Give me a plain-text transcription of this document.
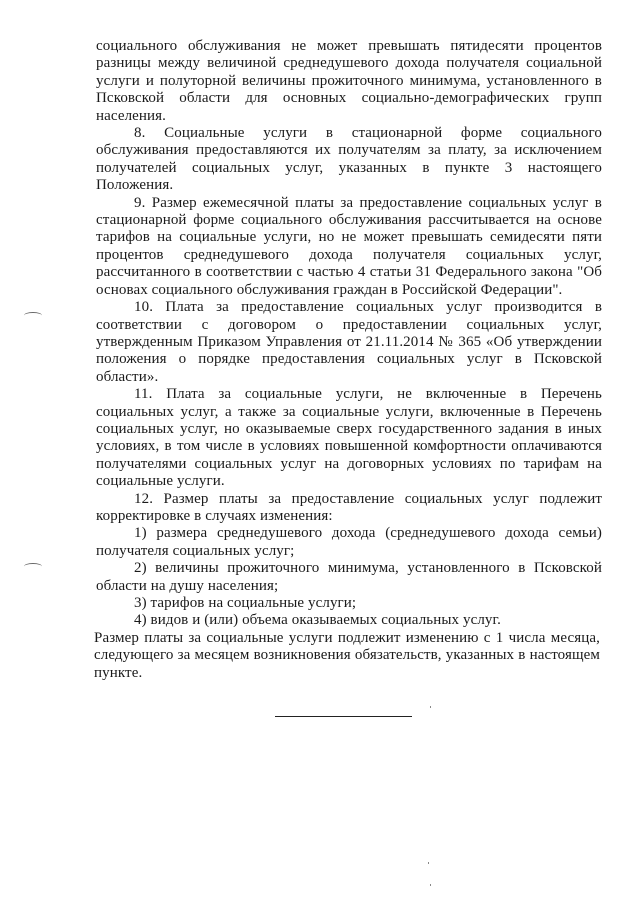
социального обслуживания не может превышать пятидесяти процентов разницы между величиной среднедушевого дохода получателя социальной услуги и полуторной величины прожиточного минимума, установленного в Псковской области для основных социально-демографических групп населения.

8. Социальные услуги в стационарной форме социального обслуживания предоставляются их получателям за плату, за исключением получателей социальных услуг, указанных в пункте 3 настоящего Положения.

9. Размер ежемесячной платы за предоставление социальных услуг в стационарной форме социального обслуживания рассчитывается на основе тарифов на социальные услуги, но не может превышать семидесяти пяти процентов среднедушевого дохода получателя социальных услуг, рассчитанного в соответствии с частью 4 статьи 31 Федерального закона "Об основах социального обслуживания граждан в Российской Федерации".

10. Плата за предоставление социальных услуг производится в соответствии с договором о предоставлении социальных услуг, утвержденным Приказом Управления от 21.11.2014 № 365 «Об утверждении положения о порядке предоставления социальных услуг в Псковской области».

11. Плата за социальные услуги, не включенные в Перечень социальных услуг, а также за социальные услуги, включенные в Перечень социальных услуг, но оказываемые сверх государственного задания в иных условиях, в том числе в условиях повышенной комфортности оплачиваются получателями социальных услуг на договорных условиях по тарифам на социальные услуги.

12. Размер платы за предоставление социальных услуг подлежит корректировке в случаях изменения:

1) размера среднедушевого дохода (среднедушевого дохода семьи) получателя социальных услуг;

2) величины прожиточного минимума, установленного в Псковской области на душу населения;

3) тарифов на социальные услуги;

4) видов и (или) объема оказываемых социальных услуг.

Размер платы за социальные услуги подлежит изменению с 1 числа месяца, следующего за месяцем возникновения обязательств, указанных в настоящем пункте.
